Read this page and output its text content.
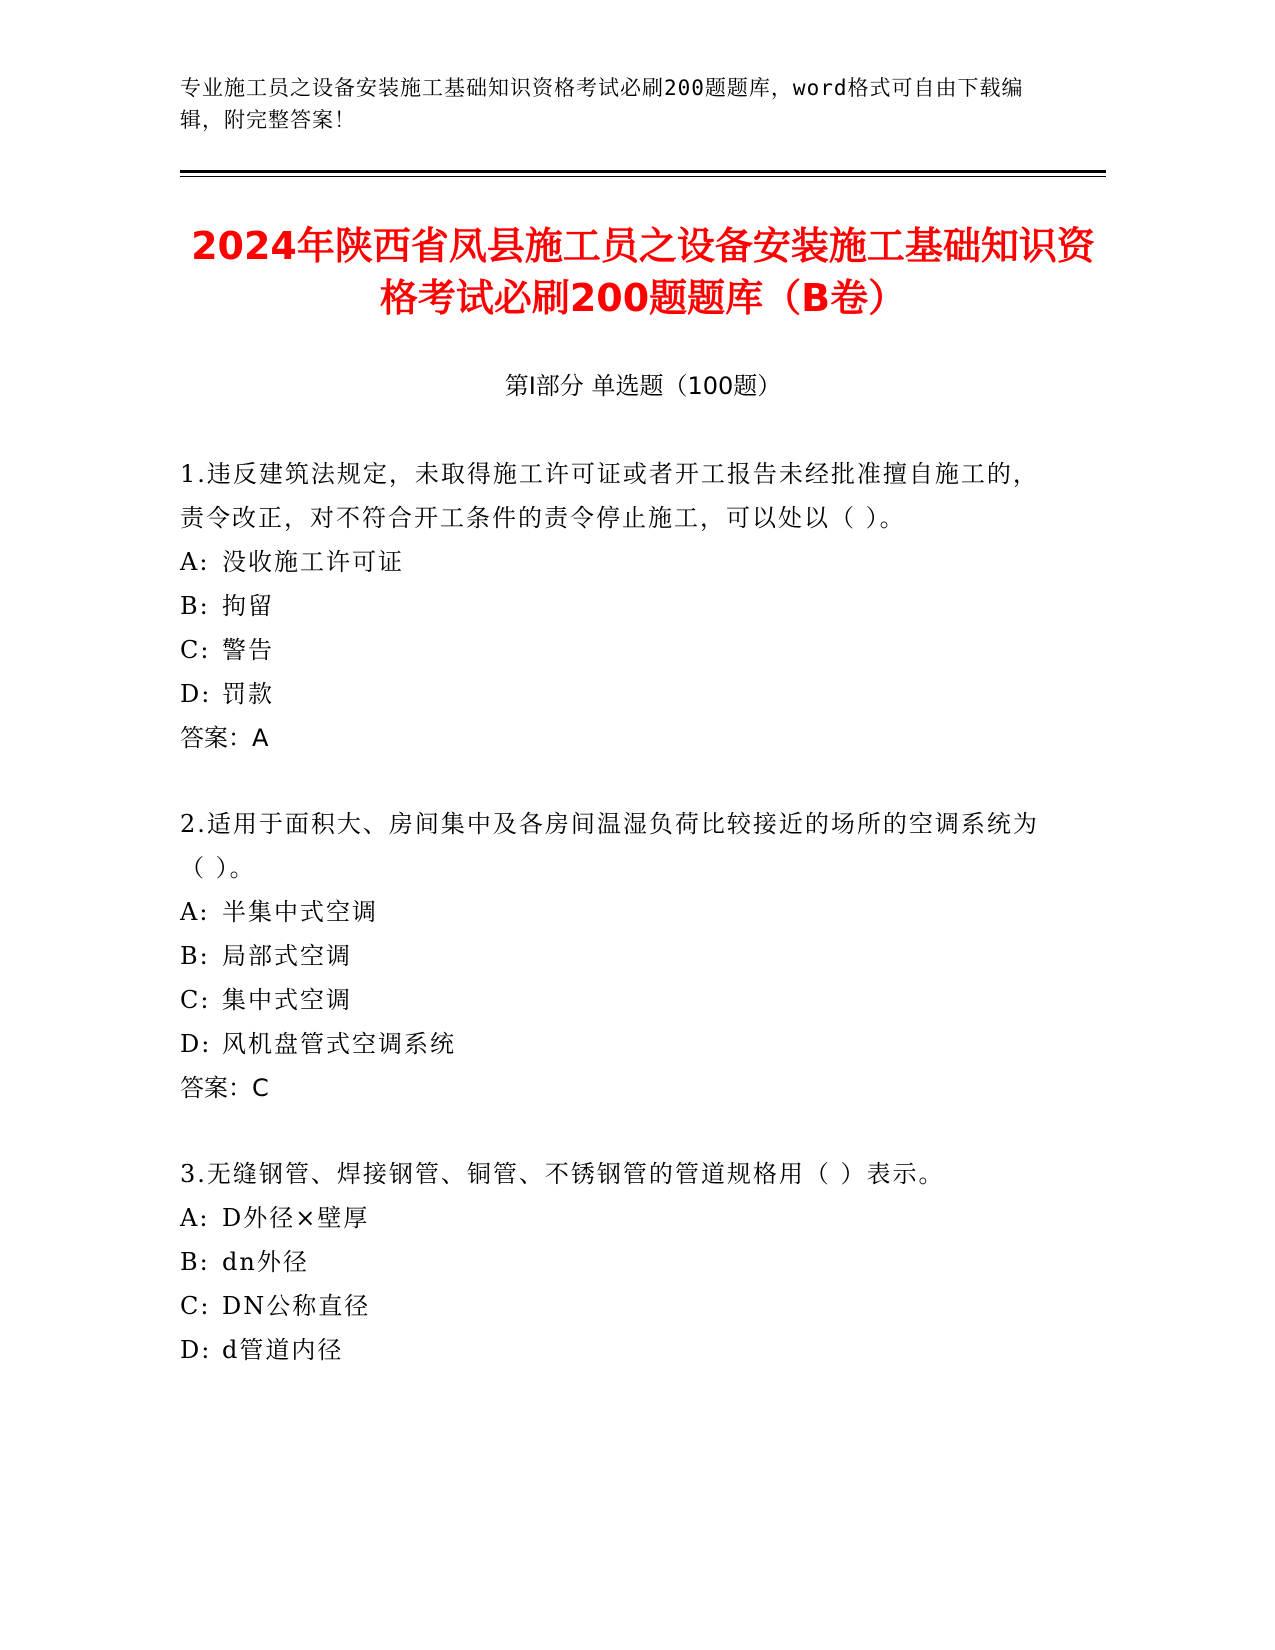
专业施工员之设备安装施工基础知识资格考试必刷200题题库，word格式可自由下载编辑，附完整答案！
2024年陕西省凤县施工员之设备安装施工基础知识资格考试必刷200题题库（B卷）
第Ⅰ部分 单选题（100题）
1.违反建筑法规定，未取得施工许可证或者开工报告未经批准擅自施工的，责令改正，对不符合开工条件的责令停止施工，可以处以（ ）。
A: 没收施工许可证
B: 拘留
C: 警告
D: 罚款
答案：A
2.适用于面积大、房间集中及各房间温湿负荷比较接近的场所的空调系统为（ ）。
A: 半集中式空调
B: 局部式空调
C: 集中式空调
D: 风机盘管式空调系统
答案：C
3.无缝钢管、焊接钢管、铜管、不锈钢管的管道规格用（ ）表示。
A: D外径×壁厚
B: dn外径
C: DN公称直径
D: d管道内径
